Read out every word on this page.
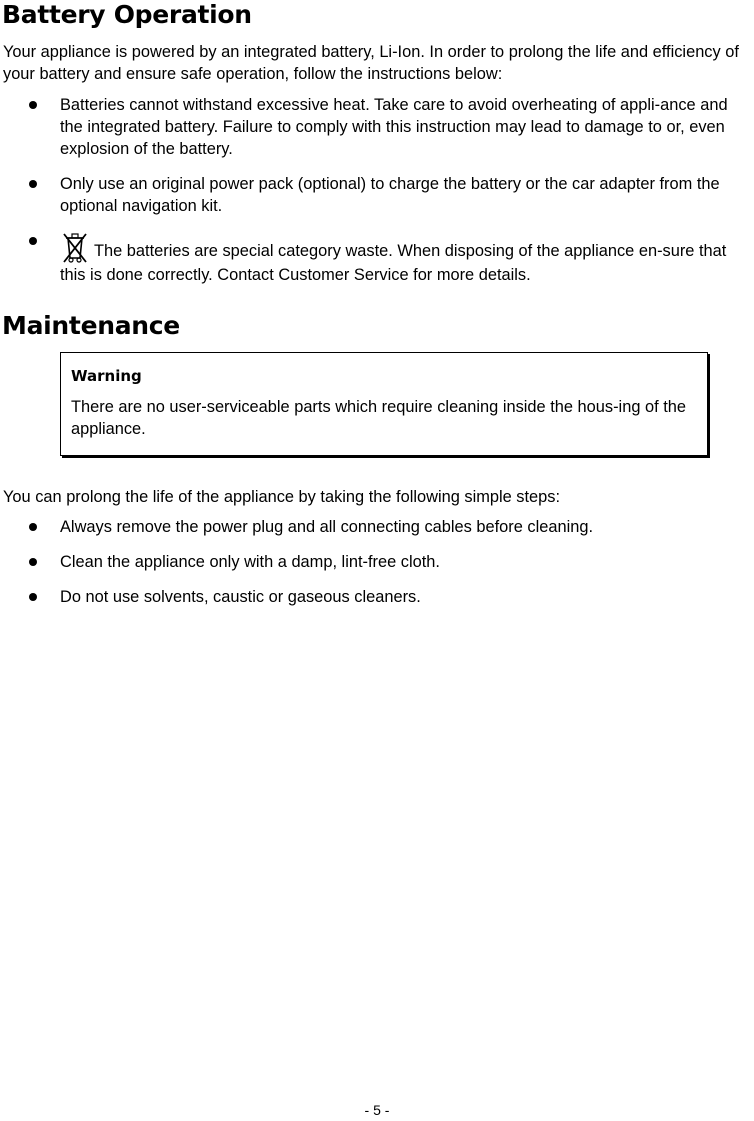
Battery Operation

Your appliance is powered by an integrated battery, Li-Ion. In order to prolong the life and efficiency of your battery and ensure safe operation, follow the instructions below:

Batteries cannot withstand excessive heat. Take care to avoid overheating of appli-ance and the integrated battery. Failure to comply with this instruction may lead to damage to or, even explosion of the battery.
Only use an original power pack (optional) to charge the battery or the car adapter from the optional navigation kit.
The batteries are special category waste. When disposing of the appliance en-sure that this is done correctly. Contact Customer Service for more details.
Maintenance

Warning

There are no user-serviceable parts which require cleaning inside the hous-ing of the appliance.

You can prolong the life of the appliance by taking the following simple steps:

Always remove the power plug and all connecting cables before cleaning.
Clean the appliance only with a damp, lint-free cloth.
Do not use solvents, caustic or gaseous cleaners.

- 5 -
